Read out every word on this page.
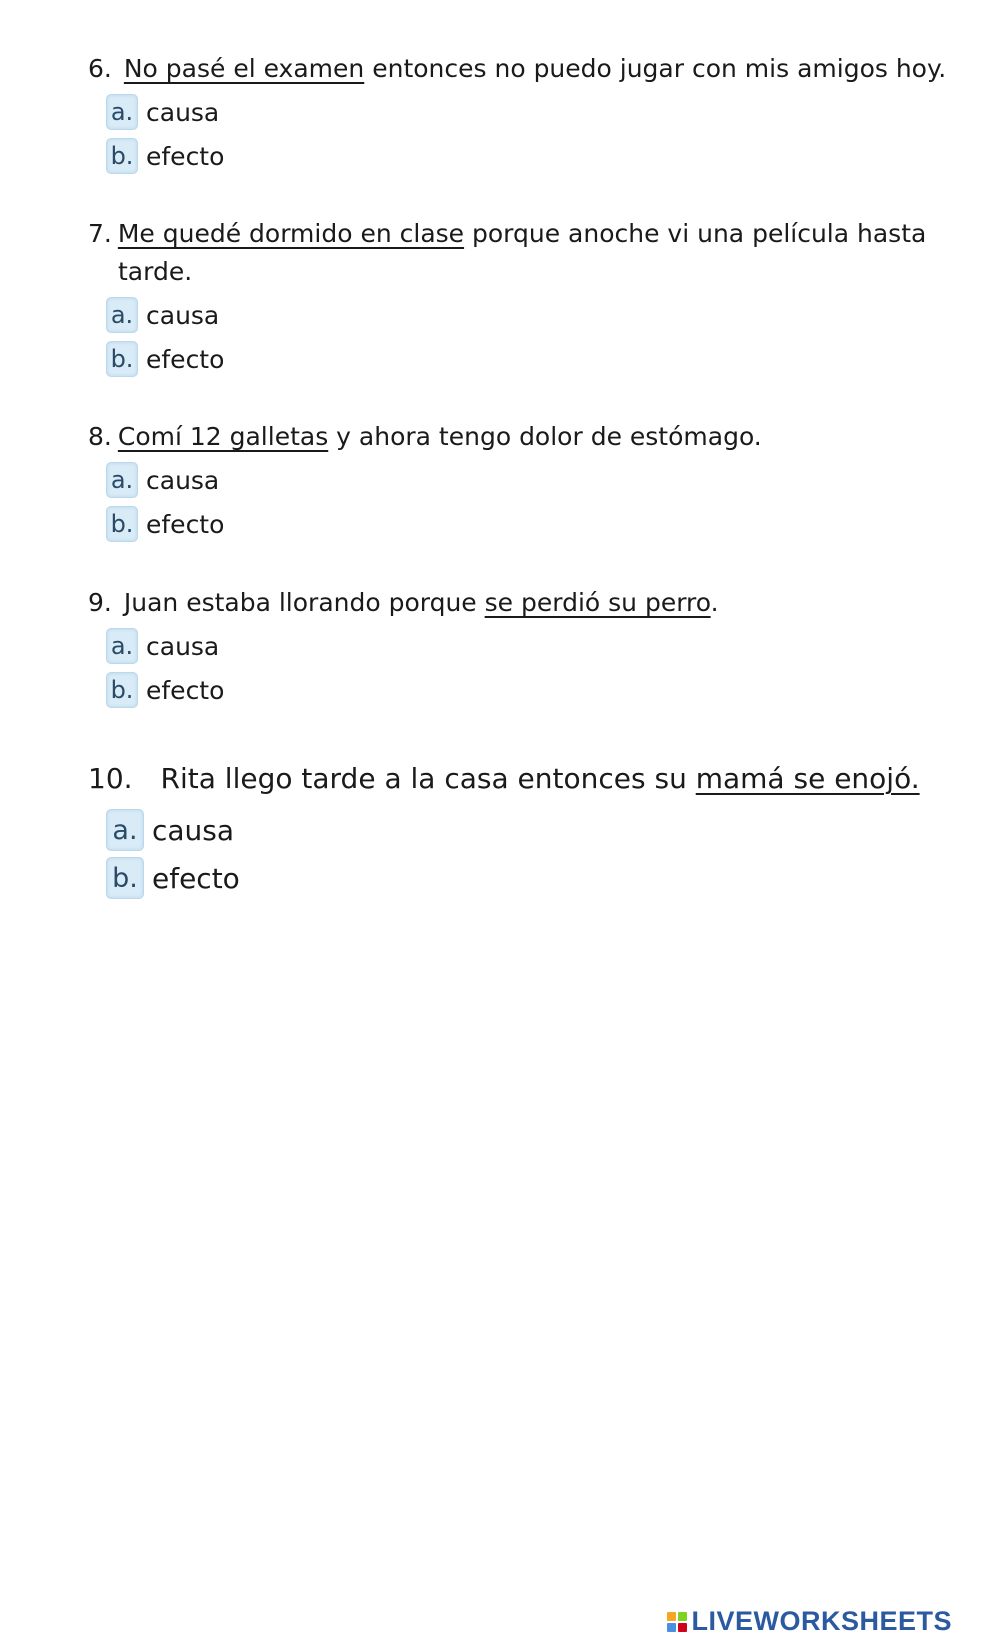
6. No pasé el examen entonces no puedo jugar con mis amigos hoy.
a. causa
b. efecto
7. Me quedé dormido en clase porque anoche vi una película hasta
tarde.
a. causa
b. efecto
8. Comí 12 galletas y ahora tengo dolor de estómago.
a. causa
b. efecto
9. Juan estaba llorando porque se perdió su perro.
a. causa
b. efecto
10. Rita llego tarde a la casa entonces su mamá se enojó.
a. causa
b. efecto
LIVEWORKSHEETS
